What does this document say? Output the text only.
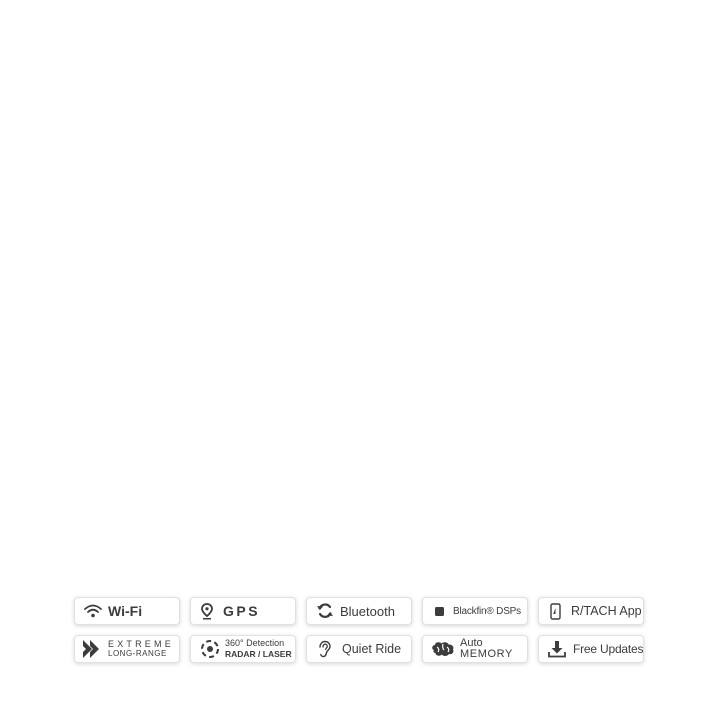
Wi-Fi	GPS	Bluetooth	Blackfin® DSPs	R/TACH App
EXTREME
LONG-RANGE
360° Detection
RADAR / LASER	Quiet Ride	Auto
MEMORY	Free Updates
